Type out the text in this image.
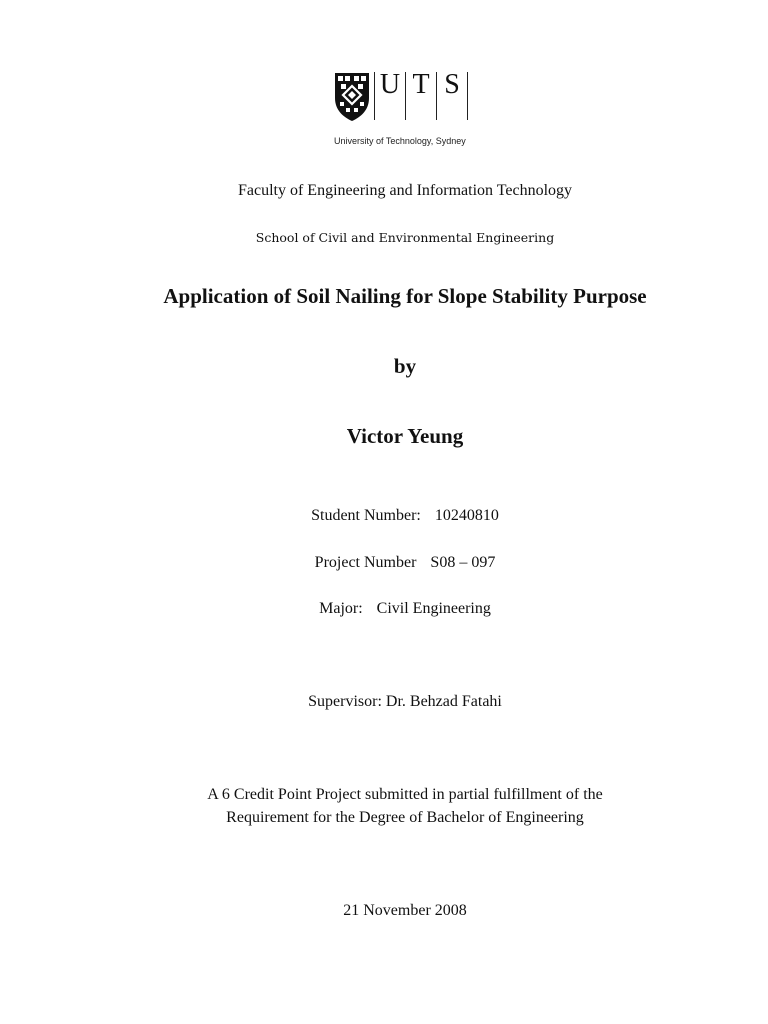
U T S
University of Technology, Sydney
Faculty of Engineering and Information Technology
School of Civil and Environmental Engineering
Application of Soil Nailing for Slope Stability Purpose
by
Victor Yeung
Student Number: 10240810
Project Number S08 – 097
Major: Civil Engineering
Supervisor: Dr. Behzad Fatahi
A 6 Credit Point Project submitted in partial fulfillment of the
Requirement for the Degree of Bachelor of Engineering
21 November 2008
